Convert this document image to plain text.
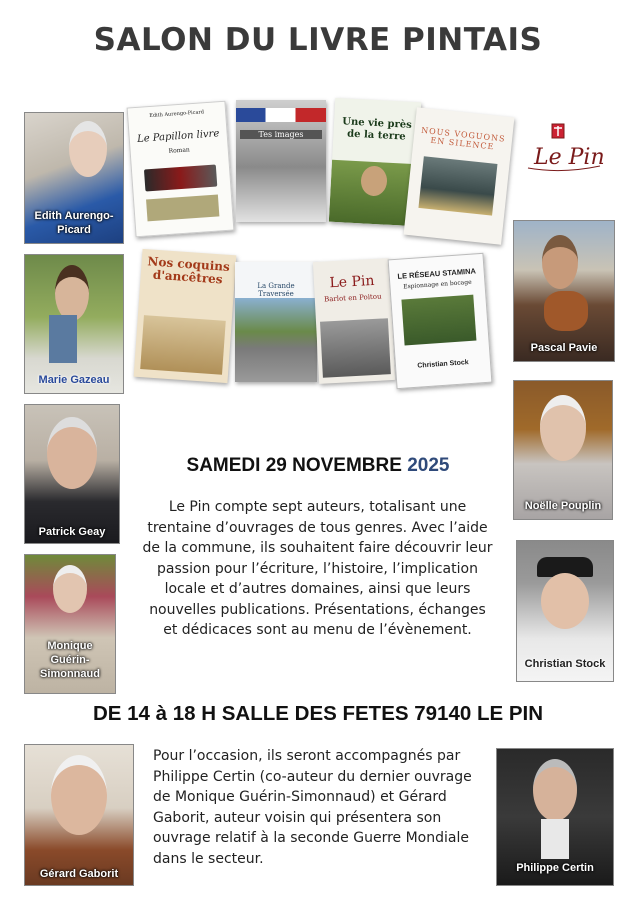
SALON DU LIVRE PINTAIS
Le Pin
Edith Aurengo-Picard
Marie Gazeau
Patrick Geay
Monique Guérin-Simonnaud
Gérard Gaborit
Pascal Pavie
Noëlle Pouplin
Christian Stock
Philippe Certin
Edith Aurengo-Picard
Le Papillon livre
Roman
Tes images
Une vie près de la terre	NOUS VOGUONS EN SILENCE
Nos coquins d'ancêtres	La Grande Traversée
Le Pin
Barlot en Poitou
LE RÉSEAU STAMINA
Espionnage en bocage
Christian Stock
SAMEDI 29 NOVEMBRE 2025
Le Pin compte sept auteurs, totalisant une trentaine d’ouvrages de tous genres. Avec l’aide de la commune, ils souhaitent faire découvrir leur passion pour l’écriture, l’histoire, l’implication locale et d’autres domaines, ainsi que leurs nouvelles publications. Présentations, échanges et dédicaces sont au menu de l’évènement.
DE 14 à 18 H SALLE DES FETES 79140 LE PIN
Pour l’occasion, ils seront accompagnés par Philippe Certin (co-auteur du dernier ouvrage de Monique Guérin-Simonnaud) et Gérard Gaborit, auteur voisin qui présentera son ouvrage relatif à la seconde Guerre Mondiale dans le secteur.
